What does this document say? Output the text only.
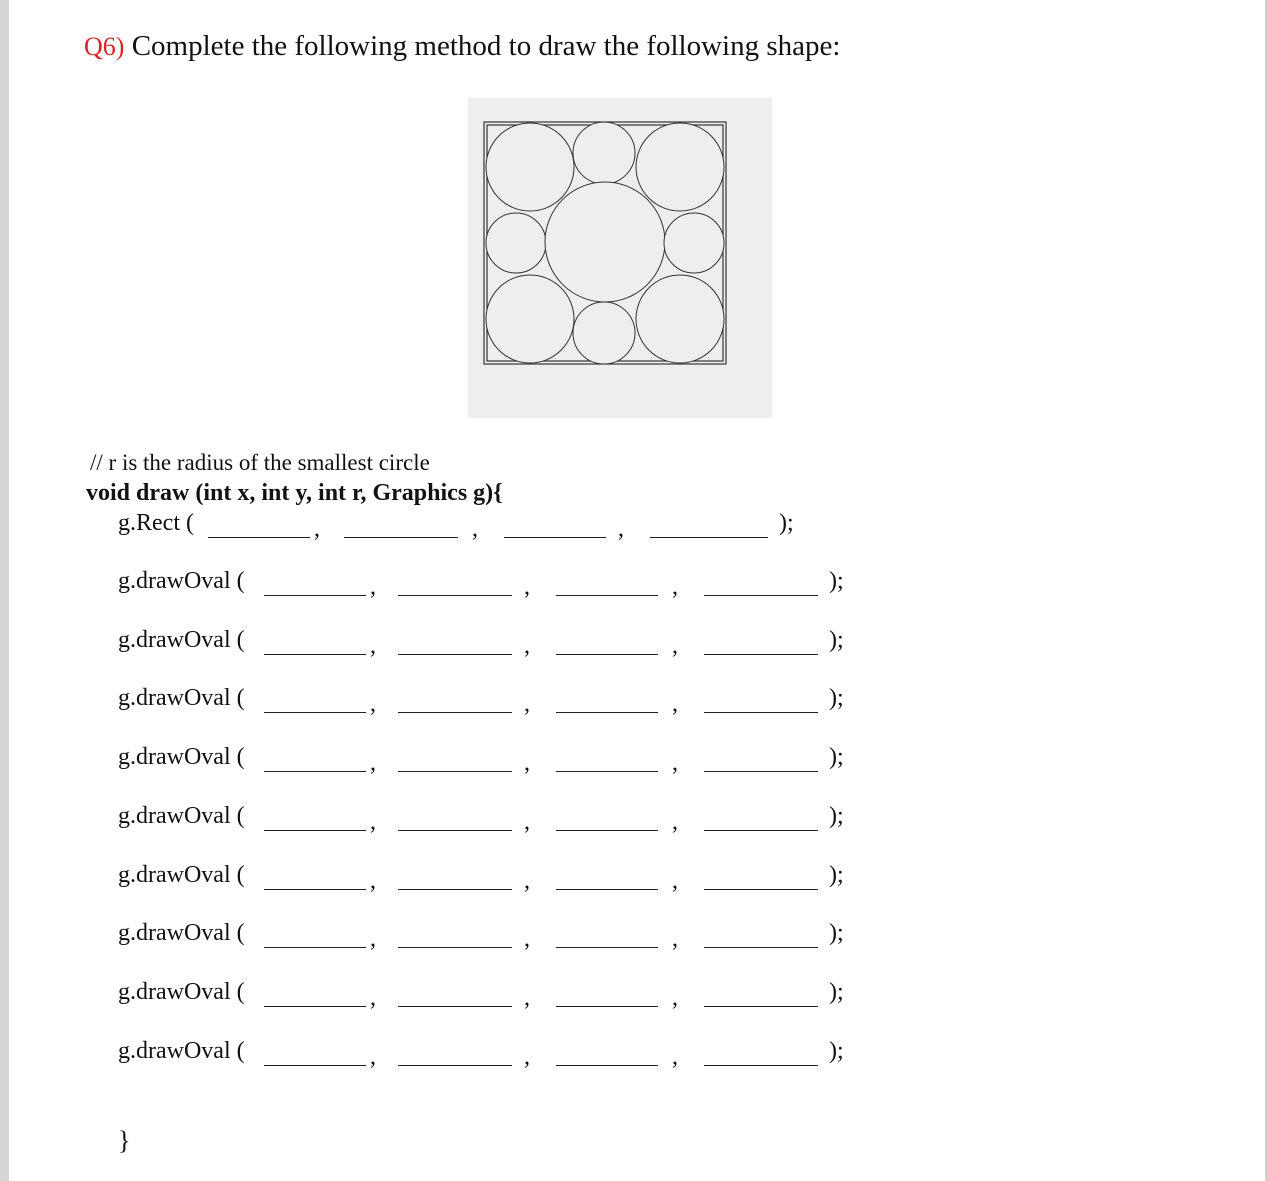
Q6) Complete the following method to draw the following shape:
// r is the radius of the smallest circle
void draw (int x, int y, int r, Graphics g){
g.Rect (	,	,	,	);
g.drawOval (	,	,	,	);
g.drawOval (	,	,	,	);
g.drawOval (	,	,	,	);
g.drawOval (	,	,	,	);
g.drawOval (	,	,	,	);
g.drawOval (	,	,	,	);
g.drawOval (	,	,	,	);
g.drawOval (	,	,	,	);
g.drawOval (	,	,	,	);
}
